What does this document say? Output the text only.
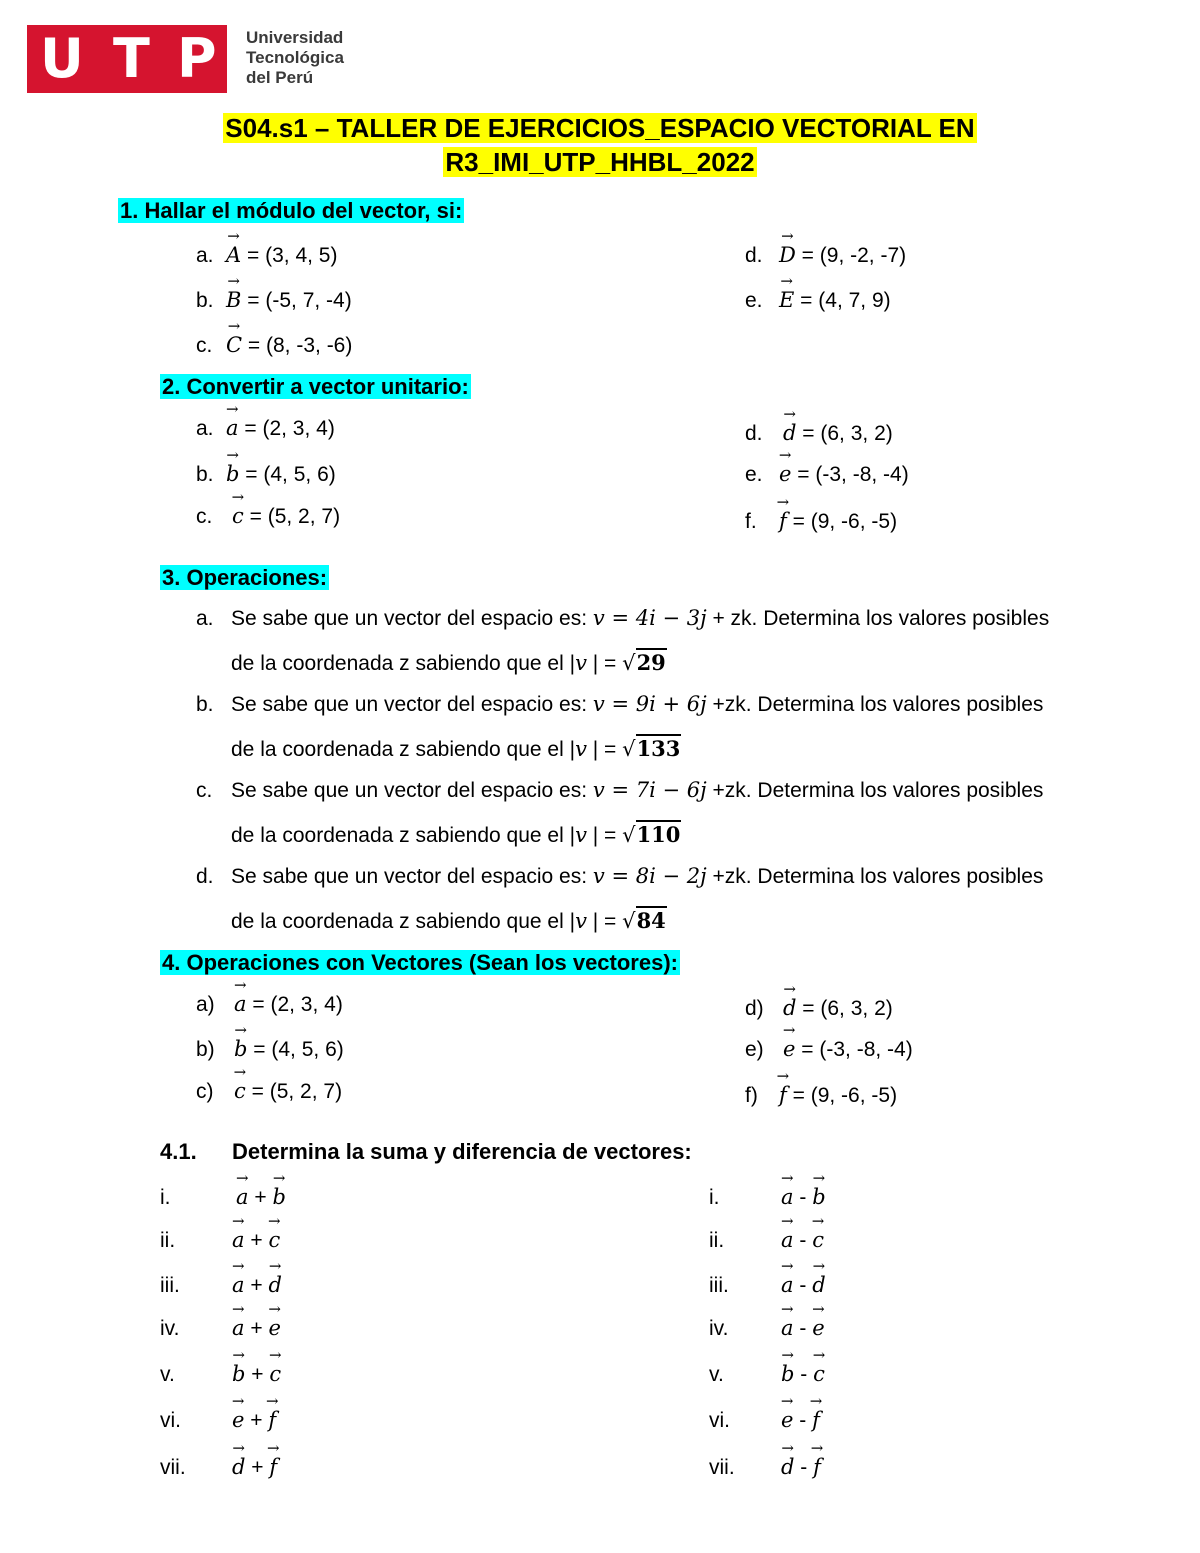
U T P Universidad
Tecnológica
del Perú
S04.s1 – TALLER DE EJERCICIOS_ESPACIO VECTORIAL EN
R3_IMI_UTP_HHBL_2022
1. Hallar el módulo del vector, si:
a. → A = (3, 4, 5)
b. → B = (-5, 7, -4)
c. → C = (8, -3, -6)
d. → D = (9, -2, -7)
e. → E = (4, 7, 9)
2. Convertir a vector unitario:
a. → a = (2, 3, 4)
b. → b = (4, 5, 6)
c. → c = (5, 2, 7)
d. → d = (6, 3, 2)
e. → e = (-3, -8, -4)
f. → f = (9, -6, -5)
3. Operaciones:
a. Se sabe que un vector del espacio es: v = 4i − 3j + zk. Determina los valores posibles
de la coordenada z sabiendo que el |v | = √29
b. Se sabe que un vector del espacio es: v = 9i + 6j +zk. Determina los valores posibles
de la coordenada z sabiendo que el |v | = √133
c. Se sabe que un vector del espacio es: v = 7i − 6j +zk. Determina los valores posibles
de la coordenada z sabiendo que el |v | = √110
d. Se sabe que un vector del espacio es: v = 8i − 2j +zk. Determina los valores posibles
de la coordenada z sabiendo que el |v | = √84
4. Operaciones con Vectores (Sean los vectores):
a) → a = (2, 3, 4)
b) → b = (4, 5, 6)
c) → c = (5, 2, 7)
d) → d = (6, 3, 2)
e) → e = (-3, -8, -4)
f) → f = (9, -6, -5)
4.1. Determina la suma y diferencia de vectores:
i.	→ a + → b
ii.	→ a + → c
iii. → a + → d
iv.	→ a + → e
v.	→ b + → c
vi. → e + → f
vii. → d + → f
i.	→ a - → b
ii.	→ a - → c
iii. → a - → d
iv.	→ a - → e
v.	→ b - → c
vi. → e - → f
vii. → d - → f
